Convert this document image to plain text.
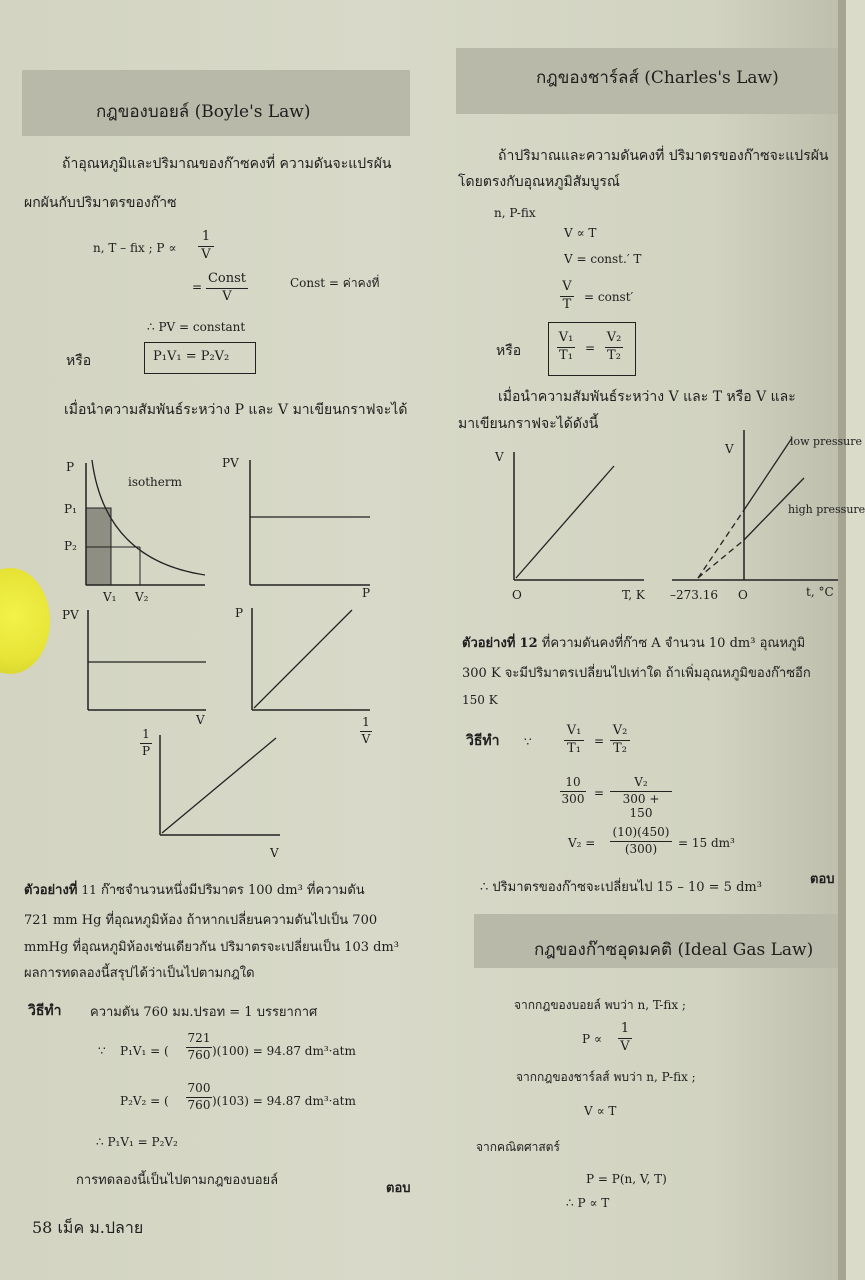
กฎของบอยล์ (Boyle's Law)
ถ้าอุณหภูมิและปริมาณของก๊าซคงที่ ความดันจะแปรผัน
ผกผันกับปริมาตรของก๊าซ
n, T – fix ; P ∝
1
V
=
Const
V
Const = ค่าคงที่
∴ PV = constant
หรือ	P₁V₁ = P₂V₂
เมื่อนำความสัมพันธ์ระหว่าง P และ V มาเขียนกราฟจะได้
P
isotherm
P₁
P₂
V₁ V₂
PV
P
PV
V
P
1
V
1
P
V
ตัวอย่างที่ 11 ก๊าซจำนวนหนึ่งมีปริมาตร 100 dm³ ที่ความดัน
721 mm Hg ที่อุณหภูมิห้อง ถ้าหากเปลี่ยนความดันไปเป็น 700
mmHg ที่อุณหภูมิห้องเช่นเดียวกัน ปริมาตรจะเปลี่ยนเป็น 103 dm³
ผลการทดลองนี้สรุปได้ว่าเป็นไปตามกฎใด
วิธีทำ ความดัน 760 มม.ปรอท = 1 บรรยากาศ
∵ P₁V₁ = (
721
760 )(100) = 94.87 dm³·atm
P₂V₂ = (
700
760 )(103) = 94.87 dm³·atm
∴ P₁V₁ = P₂V₂
การทดลองนี้เป็นไปตามกฎของบอยล์
ตอบ
58 เม็ค ม.ปลาย
กฎของชาร์ลส์ (Charles's Law)
ถ้าปริมาณและความดันคงที่ ปริมาตรของก๊าซจะแปรผัน
โดยตรงกับอุณหภูมิสัมบูรณ์
n, P-fix
V ∝ T
V = const.′ T
V
T = const′
หรือ
V₁
T₁ =
V₂
T₂
เมื่อนำความสัมพันธ์ระหว่าง V และ T หรือ V และ
มาเขียนกราฟจะได้ดังนี้
V
O	T, K
V
low pressure
high pressure
–273.16 O	t, °C
ตัวอย่างที่ 12 ที่ความดันคงที่ก๊าซ A จำนวน 10 dm³ อุณหภูมิ
300 K จะมีปริมาตรเปลี่ยนไปเท่าใด ถ้าเพิ่มอุณหภูมิของก๊าซอีก
150 K
วิธีทำ ∵
V₁
T₁ =
V₂
T₂
10
300 =
V₂
300 + 150
V₂ =
(10)(450)
(300)	= 15 dm³
∴ ปริมาตรของก๊าซจะเปลี่ยนไป 15 – 10 = 5 dm³
ตอบ
กฎของก๊าซอุดมคติ (Ideal Gas Law)
จากกฎของบอยล์ พบว่า n, T-fix ;
P ∝
1
V
จากกฎของชาร์ลส์ พบว่า n, P-fix ;
V ∝ T
จากคณิตศาสตร์
P = P(n, V, T)
∴ P ∝ T
